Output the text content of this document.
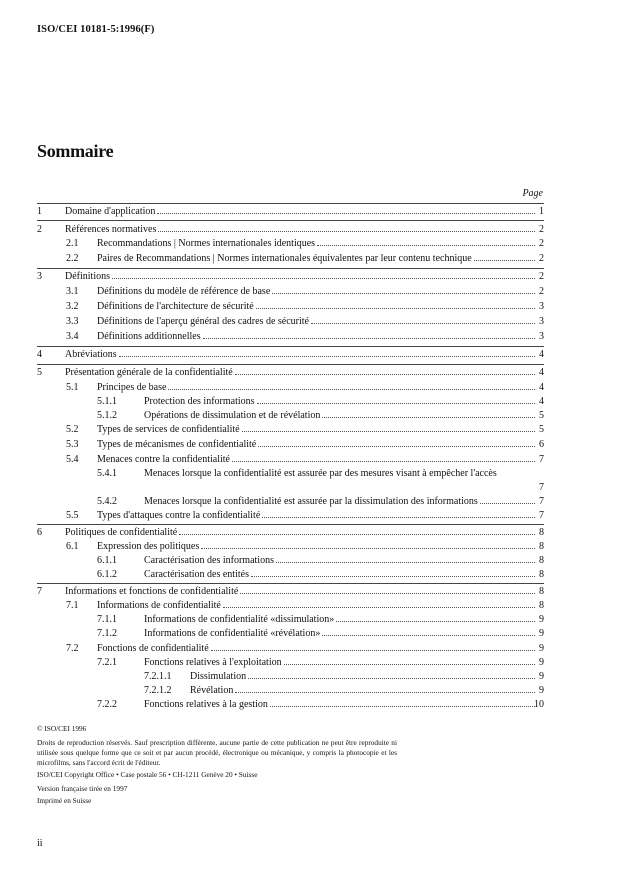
ISO/CEI 10181-5:1996(F)
Sommaire
Page
1 Domaine d'application	1
2 Références normatives	2
2.1 Recommandations | Normes internationales identiques	2
2.2 Paires de Recommandations | Normes internationales équivalentes par leur contenu technique	2
3 Définitions	2
3.1 Définitions du modèle de référence de base	2
3.2 Définitions de l'architecture de sécurité	3
3.3 Définitions de l'aperçu général des cadres de sécurité	3
3.4 Définitions additionnelles	3
4 Abréviations	4
5 Présentation générale de la confidentialité	4
5.1 Principes de base	4
5.1.1	Protection des informations	4
5.1.2	Opérations de dissimulation et de révélation	5
5.2 Types de services de confidentialité	5
5.3 Types de mécanismes de confidentialité	6
5.4 Menaces contre la confidentialité	7
5.4.1	Menaces lorsque la confidentialité est assurée par des mesures visant à empêcher l'accès
7
5.4.2	Menaces lorsque la confidentialité est assurée par la dissimulation des informations	7
5.5 Types d'attaques contre la confidentialité	7
6 Politiques de confidentialité	8
6.1 Expression des politiques	8
6.1.1	Caractérisation des informations	8
6.1.2	Caractérisation des entités	8
7 Informations et fonctions de confidentialité	8
7.1 Informations de confidentialité	8
7.1.1	Informations de confidentialité «dissimulation»	9
7.1.2	Informations de confidentialité «révélation»	9
7.2 Fonctions de confidentialité	9
7.2.1	Fonctions relatives à l'exploitation	9
7.2.1.1 Dissimulation	9
7.2.1.2 Révélation	9
7.2.2	Fonctions relatives à la gestion	10

© ISO/CEI 1996

Droits de reproduction réservés. Sauf prescription différente, aucune partie de cette publication ne peut être reproduite ni utilisée sous quelque forme que ce soit et par aucun procédé, électronique ou mécanique, y compris la photocopie et les microfilms, sans l'accord écrit de l'éditeur.

ISO/CEI Copyright Office • Case postale 56 • CH-1211 Genève 20 • Suisse

Version française tirée en 1997

Imprimé en Suisse

ii
